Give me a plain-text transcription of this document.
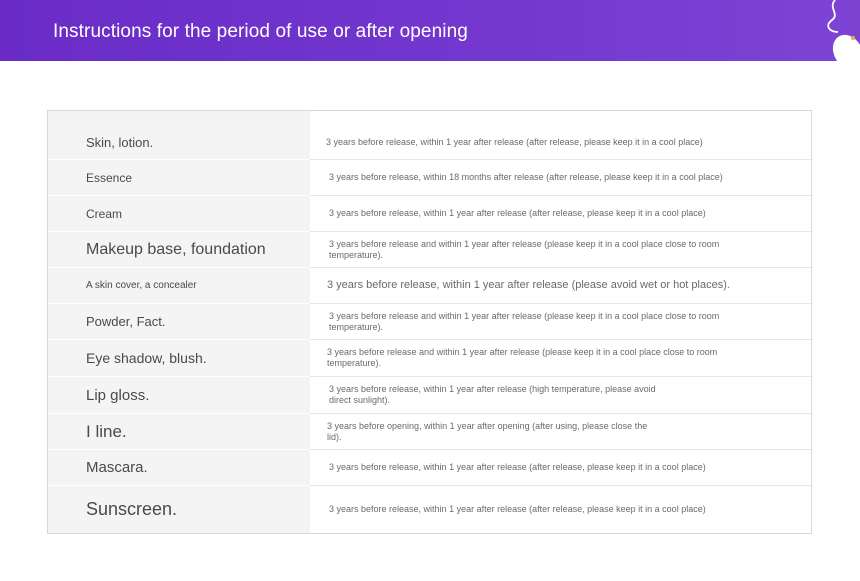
Instructions for the period of use or after opening
Skin, lotion.	3 years before release, within 1 year after release (after release, please keep it in a cool place)
Essence	3 years before release, within 18 months after release (after release, please keep it in a cool place)
Cream	3 years before release, within 1 year after release (after release, please keep it in a cool place)
Makeup base, foundation	3 years before release and within 1 year after release (please keep it in a cool place close to room temperature).
A skin cover, a concealer	3 years before release, within 1 year after release (please avoid wet or hot places).
Powder, Fact.	3 years before release and within 1 year after release (please keep it in a cool place close to room temperature).
Eye shadow, blush.	3 years before release and within 1 year after release (please keep it in a cool place close to room temperature).
Lip gloss.	3 years before release, within 1 year after release (high temperature, please avoid direct sunlight).
I line.	3 years before opening, within 1 year after opening (after using, please close the lid).
Mascara.	3 years before release, within 1 year after release (after release, please keep it in a cool place)
Sunscreen.	3 years before release, within 1 year after release (after release, please keep it in a cool place)
